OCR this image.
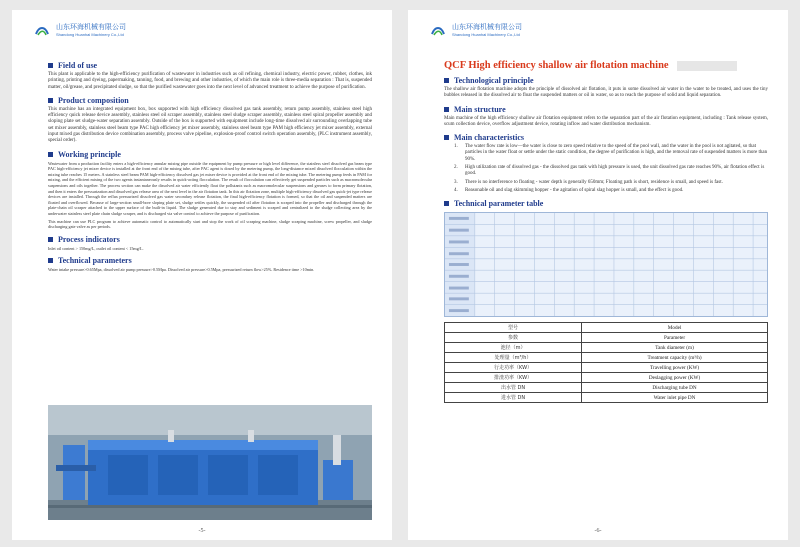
山东环海机械有限公司
Shandong Huanhai Machinery Co.,Ltd
Field of use

This plant is applicable to the high-efficiency purification of wastewater in industries such as oil refining, chemical industry, electric power, rubber, clothes, ink printing, printing and dyeing, papermaking, tanning, food, and brewing and other industries, of which the main role is three-media separation : That is, suspended matter, oil/grease, and precipitated sludge, so that the purified wastewater goes into the next level of advanced treatment to achieve the purpose of purification.

Product composition

This machine has an integrated equipment box, box supported with high efficiency dissolved gas tank assembly, return pump assembly, stainless steel high efficiency quick release device assembly, stainless steel oil scraper assembly, stainless steel sludge scraper assembly, stainless steel spiral propeller assembly and sloping plate set sludge-water separation assembly. Outside of the box is supported with equipment include long-time dissolved air surrounding overlapping tube set mixer assembly, stainless steel beam type PAC high efficiency jet mixer assembly, stainless steel beam type PAM high efficiency jet mixer assembly, external input mixed gas distribution device combination assembly, process valve pipeline, explosion-proof control switch operation assembly, (PLC instrument assembly, special order).

Working principle

Wastewater from a production facility enters a high-efficiency annular mixing pipe outside the equipment by pump pressure or high level difference, the stainless steel dissolved gas beam type PAC high-efficiency jet mixer device is installed at the front end of the mixing tube, after PAC agent is dosed by the metering pump, the long-distance mixed dissolved flocculation within the mixing tube reaches 15 meters. A stainless steel beam PAM high-efficiency dissolved gas jet mixer device is provided at the front end of the mixing tube. The metering pump feeds in PAM for mixing, and the efficient mixing of the two agents instantaneously results in quick-acting flocculation. The result of flocculation can effectively get suspended particles such as macromolecular suspensions and oils together. The process section can make the dissolved air water efficiently float the pollutants such as macromolecular suspensions and greases to form primary flotation, and then it enters the pressurization and dissolved gas release area of the next level in the air flotation tank. In this air flotation zone, multiple high-efficiency dissolved gas quick-jet type release devices are installed. Through the reflux pressurized dissolved gas water secondary release flotation, the final high-efficiency flotation is formed, so that the oil and suspended matters are floated and overflowed. Because of large-section small-bore sloping plate set, sludge settles quickly, the suspended oil after flotation is scraped into the propeller and discharged through the plate-chain oil scraper attached to the upper surface of the built-in liquid. The sludge generated due to stay and sediment is scraped and centralized to the sludge collecting area by the underwater stainless steel plate chain sludge scraper, and is discharged via valve control to achieve the purpose of purification.

This machine can use PLC program to achieve automatic control to automatically start and stop the work of oil scraping machine, sludge scraping machine, screw propeller, and sludge discharging gate valve as per periods.

Process indicators

Inlet oil content > 150mg/L, outlet oil content < 15mg/L.

Technical parameters

Water intake pressure>0.65Mpa, dissolved air pump pressure>0.5Mpa. Dissolved air pressure>0.5Mpa, pressurized return flow>25%. Residence time >10min.

-5-
山东环海机械有限公司
Shandong Huanhai Machinery Co.,Ltd
QCF High efficiency shallow air flotation machine
Technological principle

The shallow air flotation machine adopts the principle of dissolved air flotation, it puts in some dissolved air water in the water to be treated, and uses the tiny bubbles released in the dissolved air to float the suspended matters or oil in water, so as to reach the purpose of solid and liquid separation.

Main structure

Main machine of the high efficiency shallow air flotation equipment refers to the separation part of the air flotation equipment, including : Tank release system, scum collection device, overflow adjustment device, rotating inflow and water distribution mechanism.

Main characteristics
1.	The water flow rate is low—the water is close to zero speed relative to the speed of the pool wall, and the water in the pool is not agitated, so that particles in the water float or settle under the static condition, the degree of purification is high, and the removal rate of suspended matters is more than 90%.
2.	High utilization rate of dissolved gas - the dissolved gas tank with high pressure is used, the unit dissolved gas rate reaches 90%, air flotation effect is good.
3.	There is no interference to floating - water depth is generally 650mm; Floating path is short, residence is small, and speed is fast.
4.	Reasonable oil and slag skimming hopper - the agitation of spiral slag hopper is small, and the effect is good.
Technical parameter table
型号	Model
参数	Parameter
池径（m）	Tank diameter (m)
处理量（m³/h）	Treatment capacity (m³/h)
行走功率（KW）	Travelling power (KW)
排渣功率（KW）	Deslagging power (KW)
出水管 DN	Discharging tube DN
进水管 DN	Water inlet pipe DN
-6-
